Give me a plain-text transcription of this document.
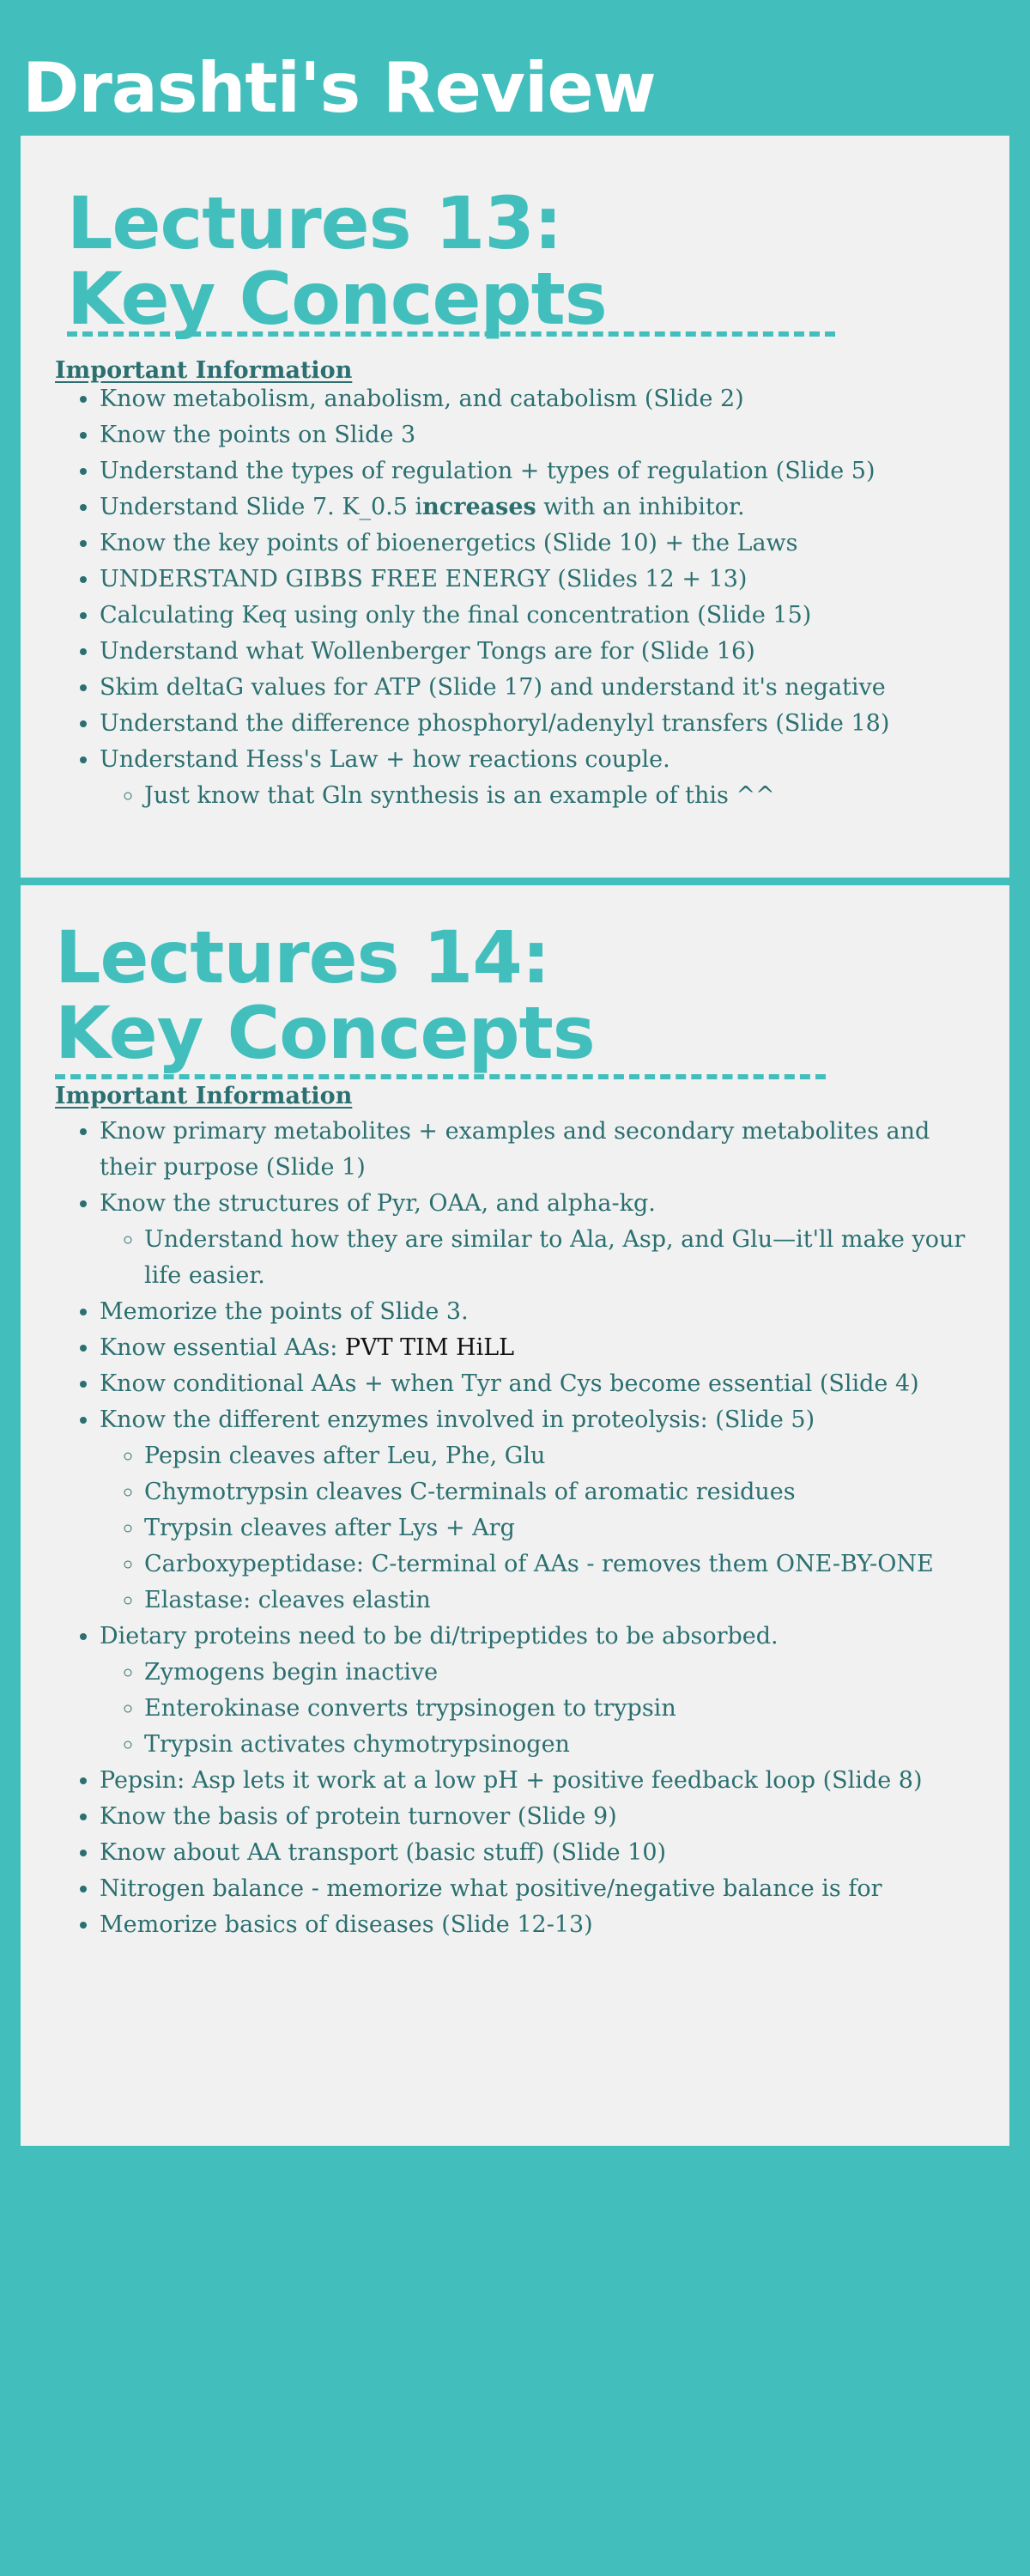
Drashti's Review
Lectures 13:
Key Concepts

Important Information

• Know metabolism, anabolism, and catabolism (Slide 2)
• Know the points on Slide 3
• Understand the types of regulation + types of regulation (Slide 5)
• Understand Slide 7. K_0.5 increases with an inhibitor.
• Know the key points of bioenergetics (Slide 10) + the Laws
• UNDERSTAND GIBBS FREE ENERGY (Slides 12 + 13)
• Calculating Keq using only the final concentration (Slide 15)
• Understand what Wollenberger Tongs are for (Slide 16)
• Skim deltaG values for ATP (Slide 17) and understand it's negative
• Understand the difference phosphoryl/adenylyl transfers (Slide 18)
• Understand Hess's Law + how reactions couple.
◦ Just know that Gln synthesis is an example of this ^^
Lectures 14:
Key Concepts

Important Information

• Know primary metabolites + examples and secondary metabolites and their purpose (Slide 1)
• Know the structures of Pyr, OAA, and alpha-kg.
◦ Understand how they are similar to Ala, Asp, and Glu—it'll make your life easier.
• Memorize the points of Slide 3.
• Know essential AAs: PVT TIM HiLL
• Know conditional AAs + when Tyr and Cys become essential (Slide 4)
• Know the different enzymes involved in proteolysis: (Slide 5)
◦ Pepsin cleaves after Leu, Phe, Glu
◦ Chymotrypsin cleaves C-terminals of aromatic residues
◦ Trypsin cleaves after Lys + Arg
◦ Carboxypeptidase: C-terminal of AAs - removes them ONE-BY-ONE
◦ Elastase: cleaves elastin
• Dietary proteins need to be di/tripeptides to be absorbed.
◦ Zymogens begin inactive
◦ Enterokinase converts trypsinogen to trypsin
◦ Trypsin activates chymotrypsinogen
• Pepsin: Asp lets it work at a low pH + positive feedback loop (Slide 8)
• Know the basis of protein turnover (Slide 9)
• Know about AA transport (basic stuff) (Slide 10)
• Nitrogen balance - memorize what positive/negative balance is for
• Memorize basics of diseases (Slide 12-13)
